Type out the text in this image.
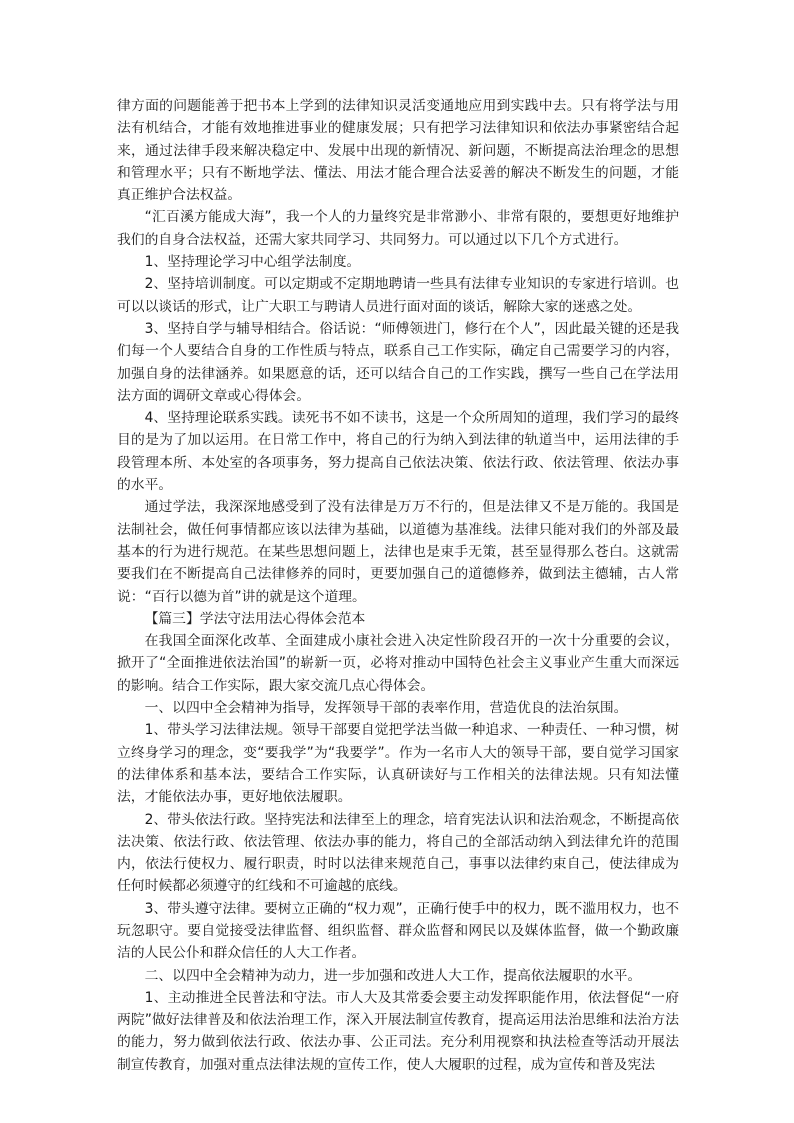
律方面的问题能善于把书本上学到的法律知识灵活变通地应用到实践中去。只有将学法与用法有机结合，才能有效地推进事业的健康发展；只有把学习法律知识和依法办事紧密结合起来，通过法律手段来解决稳定中、发展中出现的新情况、新问题，不断提高法治理念的思想和管理水平；只有不断地学法、懂法、用法才能合理合法妥善的解决不断发生的问题，才能真正维护合法权益。

“汇百溪方能成大海”，我一个人的力量终究是非常渺小、非常有限的，要想更好地维护我们的自身合法权益，还需大家共同学习、共同努力。可以通过以下几个方式进行。

1、坚持理论学习中心组学法制度。

2、坚持培训制度。可以定期或不定期地聘请一些具有法律专业知识的专家进行培训。也可以以谈话的形式，让广大职工与聘请人员进行面对面的谈话，解除大家的迷惑之处。

3、坚持自学与辅导相结合。俗话说：“师傅领进门，修行在个人”，因此最关键的还是我们每一个人要结合自身的工作性质与特点，联系自己工作实际，确定自己需要学习的内容，加强自身的法律涵养。如果愿意的话，还可以结合自己的工作实践，撰写一些自己在学法用法方面的调研文章或心得体会。

4、坚持理论联系实践。读死书不如不读书，这是一个众所周知的道理，我们学习的最终目的是为了加以运用。在日常工作中，将自己的行为纳入到法律的轨道当中，运用法律的手段管理本所、本处室的各项事务，努力提高自己依法决策、依法行政、依法管理、依法办事的水平。

通过学法，我深深地感受到了没有法律是万万不行的，但是法律又不是万能的。我国是法制社会，做任何事情都应该以法律为基础，以道德为基准线。法律只能对我们的外部及最基本的行为进行规范。在某些思想问题上，法律也是束手无策，甚至显得那么苍白。这就需要我们在不断提高自己法律修养的同时，更要加强自己的道德修养，做到法主德辅，古人常说：“百行以德为首”讲的就是这个道理。

【篇三】学法守法用法心得体会范本

在我国全面深化改革、全面建成小康社会进入决定性阶段召开的一次十分重要的会议，掀开了“全面推进依法治国”的崭新一页，必将对推动中国特色社会主义事业产生重大而深远的影响。结合工作实际，跟大家交流几点心得体会。

一、以四中全会精神为指导，发挥领导干部的表率作用，营造优良的法治氛围。

1、带头学习法律法规。领导干部要自觉把学法当做一种追求、一种责任、一种习惯，树立终身学习的理念，变“要我学”为“我要学”。作为一名市人大的领导干部，要自觉学习国家的法律体系和基本法，要结合工作实际，认真研读好与工作相关的法律法规。只有知法懂法，才能依法办事，更好地依法履职。

2、带头依法行政。坚持宪法和法律至上的理念，培育宪法认识和法治观念，不断提高依法决策、依法行政、依法管理、依法办事的能力，将自己的全部活动纳入到法律允许的范围内，依法行使权力、履行职责，时时以法律来规范自己，事事以法律约束自己，使法律成为任何时候都必须遵守的红线和不可逾越的底线。

3、带头遵守法律。要树立正确的“权力观”，正确行使手中的权力，既不滥用权力，也不玩忽职守。要自觉接受法律监督、组织监督、群众监督和网民以及媒体监督，做一个勤政廉洁的人民公仆和群众信任的人大工作者。

二、以四中全会精神为动力，进一步加强和改进人大工作，提高依法履职的水平。

1、主动推进全民普法和守法。市人大及其常委会要主动发挥职能作用，依法督促“一府两院”做好法律普及和依法治理工作，深入开展法制宣传教育，提高运用法治思维和法治方法的能力，努力做到依法行政、依法办事、公正司法。充分利用视察和执法检查等活动开展法制宣传教育，加强对重点法律法规的宣传工作，使人大履职的过程，成为宣传和普及宪法
